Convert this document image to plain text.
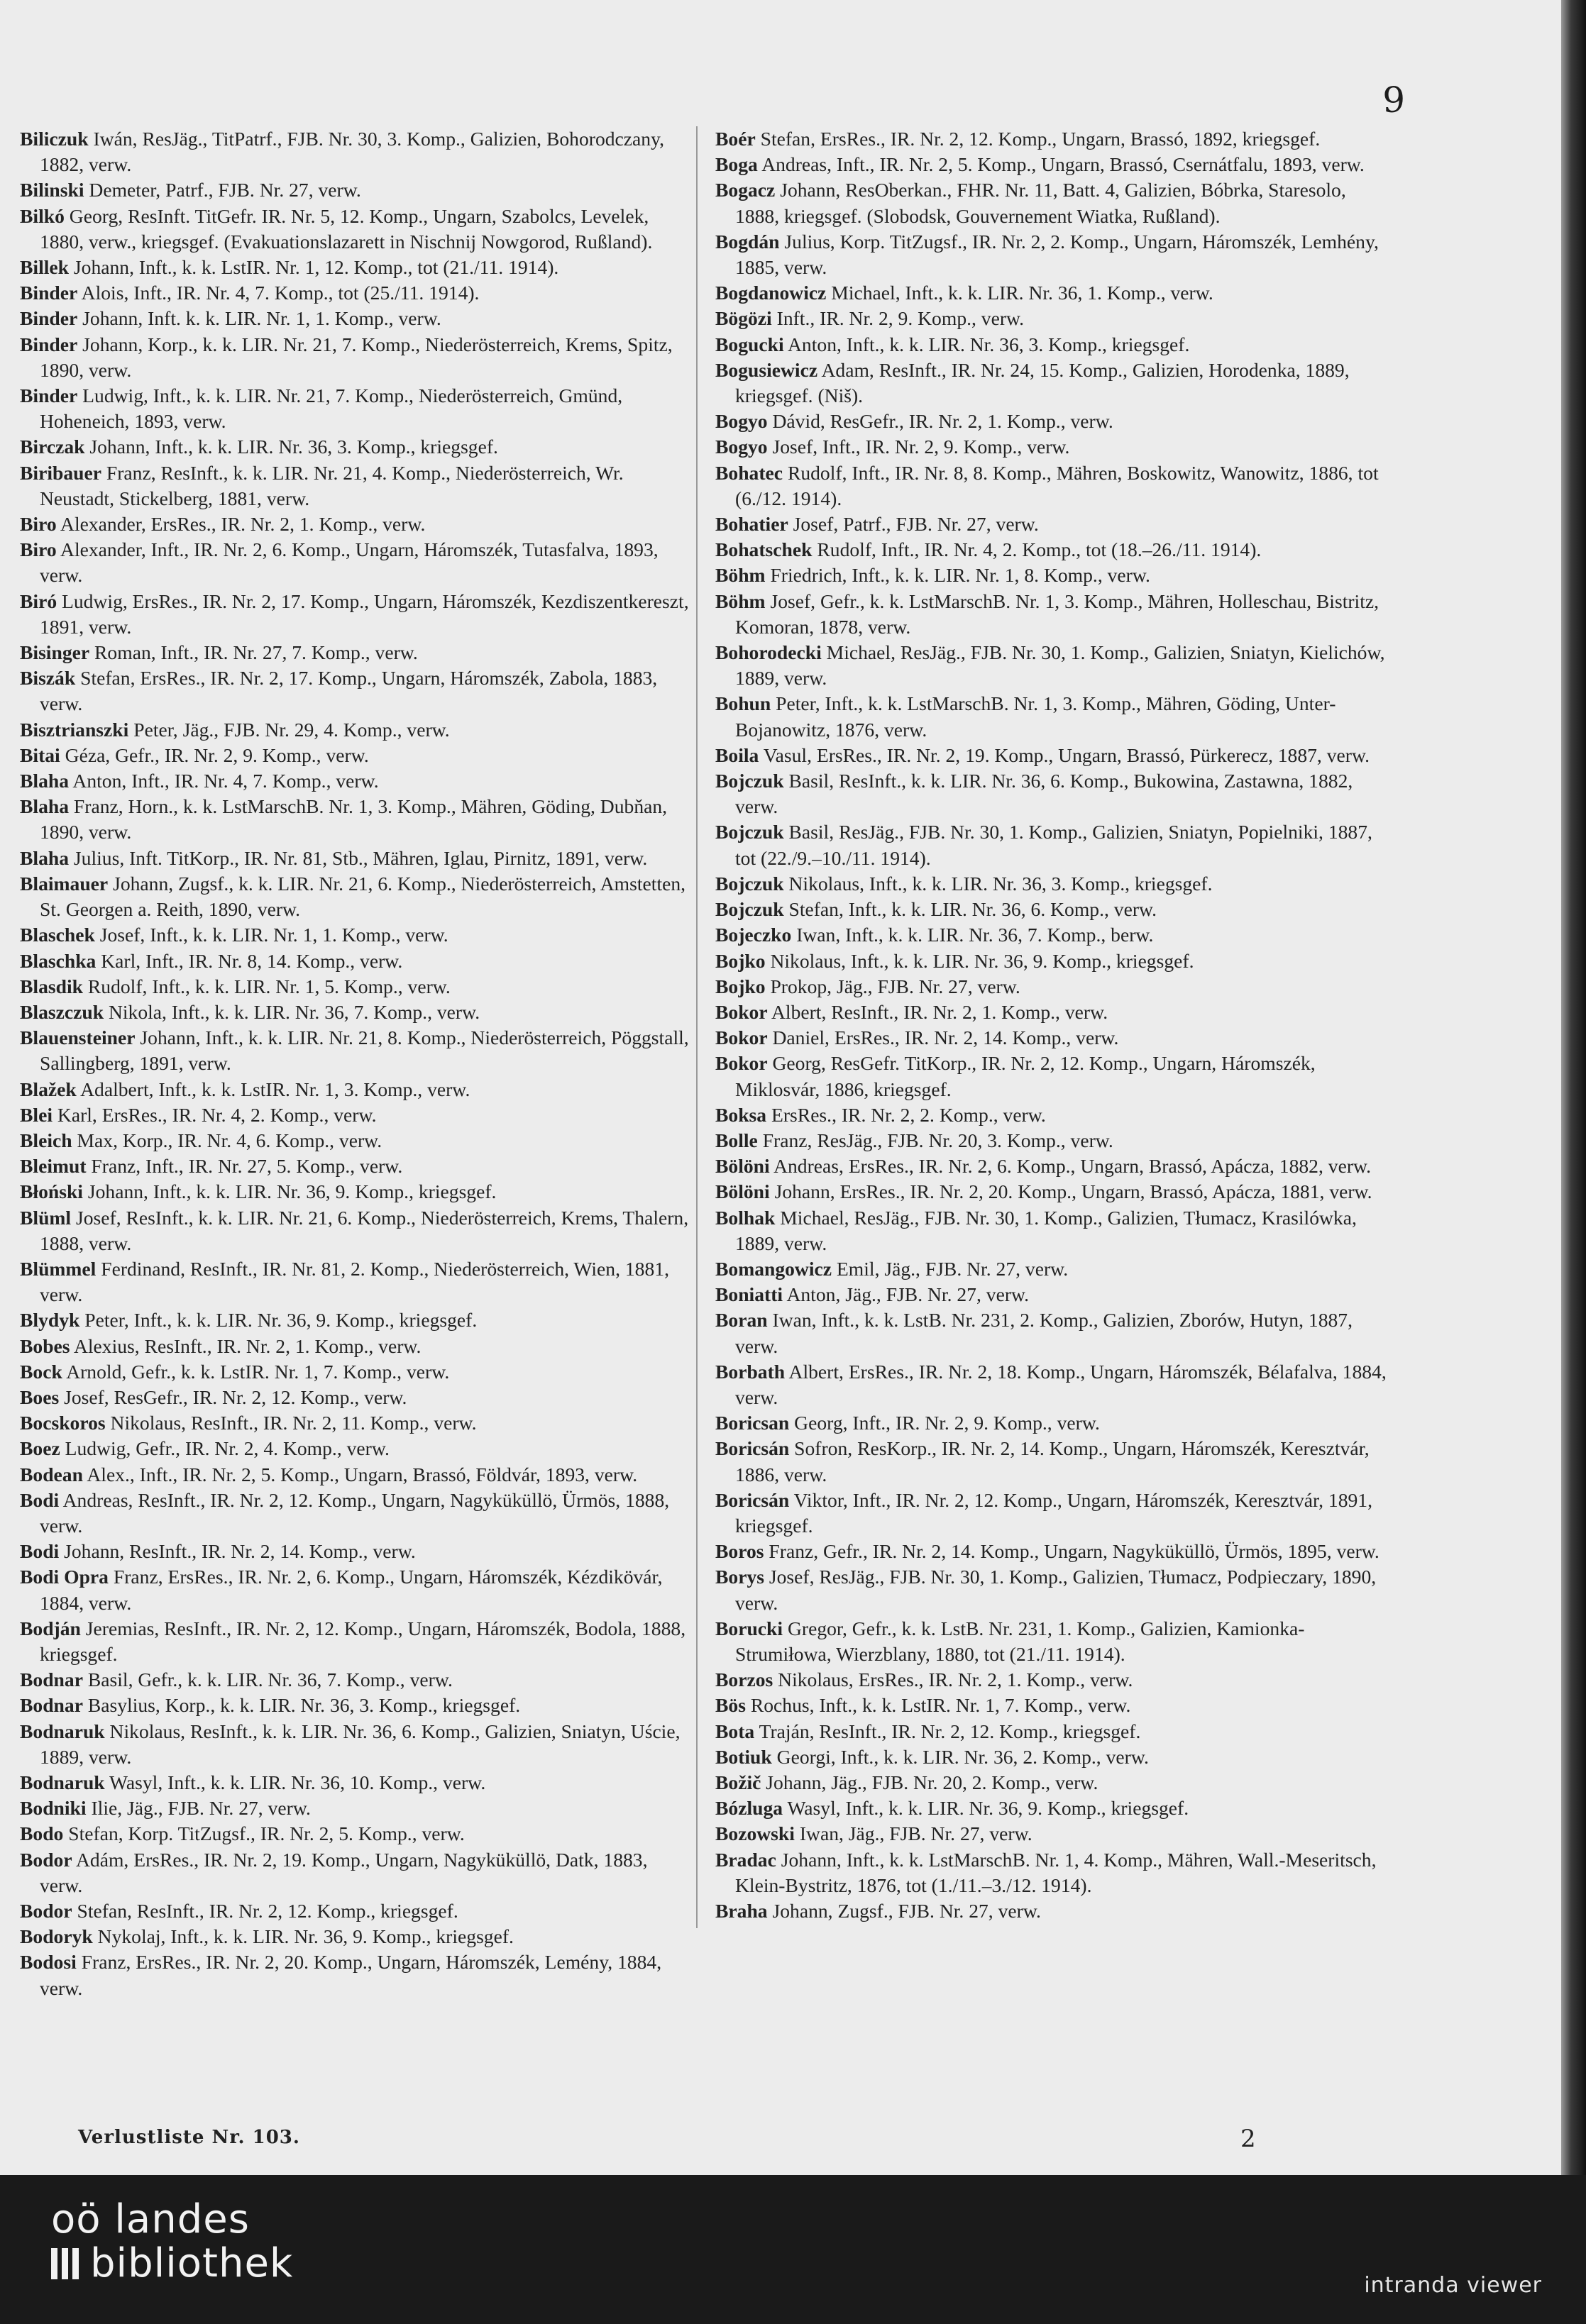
9
Biliczuk Iwán, ResJäg., TitPatrf., FJB. Nr. 30, 3. Komp., Galizien, Bohorodczany, 1882, verw.
Bilinski Demeter, Patrf., FJB. Nr. 27, verw.
Bilkó Georg, ResInft. TitGefr. IR. Nr. 5, 12. Komp., Ungarn, Szabolcs, Levelek, 1880, verw., kriegsgef. (Evakuationslazarett in Nischnij Nowgorod, Rußland).
Billek Johann, Inft., k. k. LstIR. Nr. 1, 12. Komp., tot (21./11. 1914).
Binder Alois, Inft., IR. Nr. 4, 7. Komp., tot (25./11. 1914).
Binder Johann, Inft. k. k. LIR. Nr. 1, 1. Komp., verw.
Binder Johann, Korp., k. k. LIR. Nr. 21, 7. Komp., Niederösterreich, Krems, Spitz, 1890, verw.
Binder Ludwig, Inft., k. k. LIR. Nr. 21, 7. Komp., Niederösterreich, Gmünd, Hoheneich, 1893, verw.
Birczak Johann, Inft., k. k. LIR. Nr. 36, 3. Komp., kriegsgef.
Biribauer Franz, ResInft., k. k. LIR. Nr. 21, 4. Komp., Niederösterreich, Wr. Neustadt, Stickelberg, 1881, verw.
Biro Alexander, ErsRes., IR. Nr. 2, 1. Komp., verw.
Biro Alexander, Inft., IR. Nr. 2, 6. Komp., Ungarn, Háromszék, Tutasfalva, 1893, verw.
Biró Ludwig, ErsRes., IR. Nr. 2, 17. Komp., Ungarn, Háromszék, Kezdiszentkereszt, 1891, verw.
Bisinger Roman, Inft., IR. Nr. 27, 7. Komp., verw.
Biszák Stefan, ErsRes., IR. Nr. 2, 17. Komp., Ungarn, Háromszék, Zabola, 1883, verw.
Bisztrianszki Peter, Jäg., FJB. Nr. 29, 4. Komp., verw.
Bitai Géza, Gefr., IR. Nr. 2, 9. Komp., verw.
Blaha Anton, Inft., IR. Nr. 4, 7. Komp., verw.
Blaha Franz, Horn., k. k. LstMarschB. Nr. 1, 3. Komp., Mähren, Göding, Dubňan, 1890, verw.
Blaha Julius, Inft. TitKorp., IR. Nr. 81, Stb., Mähren, Iglau, Pirnitz, 1891, verw.
Blaimauer Johann, Zugsf., k. k. LIR. Nr. 21, 6. Komp., Niederösterreich, Amstetten, St. Georgen a. Reith, 1890, verw.
Blaschek Josef, Inft., k. k. LIR. Nr. 1, 1. Komp., verw.
Blaschka Karl, Inft., IR. Nr. 8, 14. Komp., verw.
Blasdik Rudolf, Inft., k. k. LIR. Nr. 1, 5. Komp., verw.
Blaszczuk Nikola, Inft., k. k. LIR. Nr. 36, 7. Komp., verw.
Blauensteiner Johann, Inft., k. k. LIR. Nr. 21, 8. Komp., Niederösterreich, Pöggstall, Sallingberg, 1891, verw.
Blažek Adalbert, Inft., k. k. LstIR. Nr. 1, 3. Komp., verw.
Blei Karl, ErsRes., IR. Nr. 4, 2. Komp., verw.
Bleich Max, Korp., IR. Nr. 4, 6. Komp., verw.
Bleimut Franz, Inft., IR. Nr. 27, 5. Komp., verw.
Błoński Johann, Inft., k. k. LIR. Nr. 36, 9. Komp., kriegsgef.
Blüml Josef, ResInft., k. k. LIR. Nr. 21, 6. Komp., Niederösterreich, Krems, Thalern, 1888, verw.
Blümmel Ferdinand, ResInft., IR. Nr. 81, 2. Komp., Niederösterreich, Wien, 1881, verw.
Blydyk Peter, Inft., k. k. LIR. Nr. 36, 9. Komp., kriegsgef.
Bobes Alexius, ResInft., IR. Nr. 2, 1. Komp., verw.
Bock Arnold, Gefr., k. k. LstIR. Nr. 1, 7. Komp., verw.
Boes Josef, ResGefr., IR. Nr. 2, 12. Komp., verw.
Bocskoros Nikolaus, ResInft., IR. Nr. 2, 11. Komp., verw.
Boez Ludwig, Gefr., IR. Nr. 2, 4. Komp., verw.
Bodean Alex., Inft., IR. Nr. 2, 5. Komp., Ungarn, Brassó, Földvár, 1893, verw.
Bodi Andreas, ResInft., IR. Nr. 2, 12. Komp., Ungarn, Nagyküküllö, Ürmös, 1888, verw.
Bodi Johann, ResInft., IR. Nr. 2, 14. Komp., verw.
Bodi Opra Franz, ErsRes., IR. Nr. 2, 6. Komp., Ungarn, Háromszék, Kézdikövár, 1884, verw.
Bodján Jeremias, ResInft., IR. Nr. 2, 12. Komp., Ungarn, Háromszék, Bodola, 1888, kriegsgef.
Bodnar Basil, Gefr., k. k. LIR. Nr. 36, 7. Komp., verw.
Bodnar Basylius, Korp., k. k. LIR. Nr. 36, 3. Komp., kriegsgef.
Bodnaruk Nikolaus, ResInft., k. k. LIR. Nr. 36, 6. Komp., Galizien, Sniatyn, Uście, 1889, verw.
Bodnaruk Wasyl, Inft., k. k. LIR. Nr. 36, 10. Komp., verw.
Bodniki Ilie, Jäg., FJB. Nr. 27, verw.
Bodo Stefan, Korp. TitZugsf., IR. Nr. 2, 5. Komp., verw.
Bodor Adám, ErsRes., IR. Nr. 2, 19. Komp., Ungarn, Nagyküküllö, Datk, 1883, verw.
Bodor Stefan, ResInft., IR. Nr. 2, 12. Komp., kriegsgef.
Bodoryk Nykolaj, Inft., k. k. LIR. Nr. 36, 9. Komp., kriegsgef.
Bodosi Franz, ErsRes., IR. Nr. 2, 20. Komp., Ungarn, Háromszék, Lemény, 1884, verw.
Boér Stefan, ErsRes., IR. Nr. 2, 12. Komp., Ungarn, Brassó, 1892, kriegsgef.
Boga Andreas, Inft., IR. Nr. 2, 5. Komp., Ungarn, Brassó, Csernátfalu, 1893, verw.
Bogacz Johann, ResOberkan., FHR. Nr. 11, Batt. 4, Galizien, Bóbrka, Staresolo, 1888, kriegsgef. (Slobodsk, Gouvernement Wiatka, Rußland).
Bogdán Julius, Korp. TitZugsf., IR. Nr. 2, 2. Komp., Ungarn, Háromszék, Lemhény, 1885, verw.
Bogdanowicz Michael, Inft., k. k. LIR. Nr. 36, 1. Komp., verw.
Bögözi Inft., IR. Nr. 2, 9. Komp., verw.
Bogucki Anton, Inft., k. k. LIR. Nr. 36, 3. Komp., kriegsgef.
Bogusiewicz Adam, ResInft., IR. Nr. 24, 15. Komp., Galizien, Horodenka, 1889, kriegsgef. (Niš).
Bogyo Dávid, ResGefr., IR. Nr. 2, 1. Komp., verw.
Bogyo Josef, Inft., IR. Nr. 2, 9. Komp., verw.
Bohatec Rudolf, Inft., IR. Nr. 8, 8. Komp., Mähren, Boskowitz, Wanowitz, 1886, tot (6./12. 1914).
Bohatier Josef, Patrf., FJB. Nr. 27, verw.
Bohatschek Rudolf, Inft., IR. Nr. 4, 2. Komp., tot (18.–26./11. 1914).
Böhm Friedrich, Inft., k. k. LIR. Nr. 1, 8. Komp., verw.
Böhm Josef, Gefr., k. k. LstMarschB. Nr. 1, 3. Komp., Mähren, Holleschau, Bistritz, Komoran, 1878, verw.
Bohorodecki Michael, ResJäg., FJB. Nr. 30, 1. Komp., Galizien, Sniatyn, Kielichów, 1889, verw.
Bohun Peter, Inft., k. k. LstMarschB. Nr. 1, 3. Komp., Mähren, Göding, Unter-Bojanowitz, 1876, verw.
Boila Vasul, ErsRes., IR. Nr. 2, 19. Komp., Ungarn, Brassó, Pürkerecz, 1887, verw.
Bojczuk Basil, ResInft., k. k. LIR. Nr. 36, 6. Komp., Bukowina, Zastawna, 1882, verw.
Bojczuk Basil, ResJäg., FJB. Nr. 30, 1. Komp., Galizien, Sniatyn, Popielniki, 1887, tot (22./9.–10./11. 1914).
Bojczuk Nikolaus, Inft., k. k. LIR. Nr. 36, 3. Komp., kriegsgef.
Bojczuk Stefan, Inft., k. k. LIR. Nr. 36, 6. Komp., verw.
Bojeczko Iwan, Inft., k. k. LIR. Nr. 36, 7. Komp., berw.
Bojko Nikolaus, Inft., k. k. LIR. Nr. 36, 9. Komp., kriegsgef.
Bojko Prokop, Jäg., FJB. Nr. 27, verw.
Bokor Albert, ResInft., IR. Nr. 2, 1. Komp., verw.
Bokor Daniel, ErsRes., IR. Nr. 2, 14. Komp., verw.
Bokor Georg, ResGefr. TitKorp., IR. Nr. 2, 12. Komp., Ungarn, Háromszék, Miklosvár, 1886, kriegsgef.
Boksa ErsRes., IR. Nr. 2, 2. Komp., verw.
Bolle Franz, ResJäg., FJB. Nr. 20, 3. Komp., verw.
Bölöni Andreas, ErsRes., IR. Nr. 2, 6. Komp., Ungarn, Brassó, Apácza, 1882, verw.
Bölöni Johann, ErsRes., IR. Nr. 2, 20. Komp., Ungarn, Brassó, Apácza, 1881, verw.
Bolhak Michael, ResJäg., FJB. Nr. 30, 1. Komp., Galizien, Tłumacz, Krasilówka, 1889, verw.
Bomangowicz Emil, Jäg., FJB. Nr. 27, verw.
Boniatti Anton, Jäg., FJB. Nr. 27, verw.
Boran Iwan, Inft., k. k. LstB. Nr. 231, 2. Komp., Galizien, Zborów, Hutyn, 1887, verw.
Borbath Albert, ErsRes., IR. Nr. 2, 18. Komp., Ungarn, Háromszék, Bélafalva, 1884, verw.
Boricsan Georg, Inft., IR. Nr. 2, 9. Komp., verw.
Boricsán Sofron, ResKorp., IR. Nr. 2, 14. Komp., Ungarn, Háromszék, Keresztvár, 1886, verw.
Boricsán Viktor, Inft., IR. Nr. 2, 12. Komp., Ungarn, Háromszék, Keresztvár, 1891, kriegsgef.
Boros Franz, Gefr., IR. Nr. 2, 14. Komp., Ungarn, Nagyküküllö, Ürmös, 1895, verw.
Borys Josef, ResJäg., FJB. Nr. 30, 1. Komp., Galizien, Tłumacz, Podpieczary, 1890, verw.
Borucki Gregor, Gefr., k. k. LstB. Nr. 231, 1. Komp., Galizien, Kamionka-Strumiłowa, Wierzblany, 1880, tot (21./11. 1914).
Borzos Nikolaus, ErsRes., IR. Nr. 2, 1. Komp., verw.
Bös Rochus, Inft., k. k. LstIR. Nr. 1, 7. Komp., verw.
Bota Traján, ResInft., IR. Nr. 2, 12. Komp., kriegsgef.
Botiuk Georgi, Inft., k. k. LIR. Nr. 36, 2. Komp., verw.
Božič Johann, Jäg., FJB. Nr. 20, 2. Komp., verw.
Bózluga Wasyl, Inft., k. k. LIR. Nr. 36, 9. Komp., kriegsgef.
Bozowski Iwan, Jäg., FJB. Nr. 27, verw.
Bradac Johann, Inft., k. k. LstMarschB. Nr. 1, 4. Komp., Mähren, Wall.-Meseritsch, Klein-Bystritz, 1876, tot (1./11.–3./12. 1914).
Braha Johann, Zugsf., FJB. Nr. 27, verw.
Verlustliste Nr. 103.	2
oö landes
bibliothek	intranda viewer
